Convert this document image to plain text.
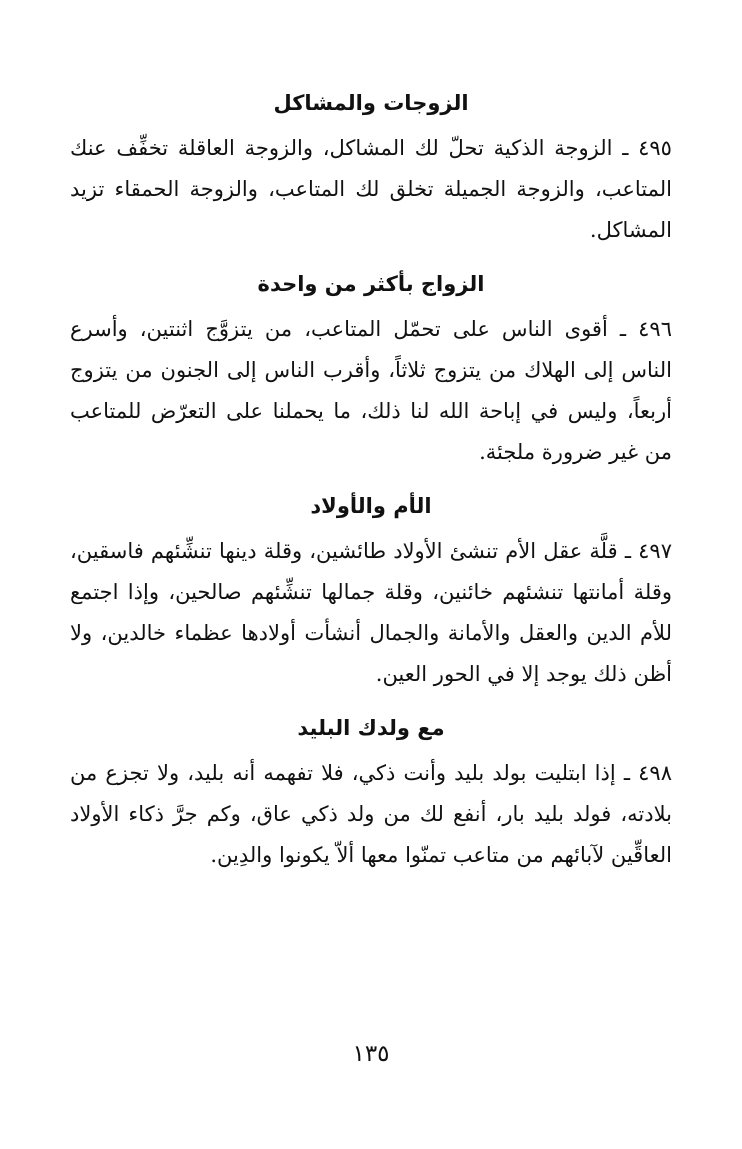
الزوجات والمشاكل

٤٩٥ ـ الزوجة الذكية تحلّ لك المشاكل، والزوجة العاقلة تخفِّف عنك المتاعب، والزوجة الجميلة تخلق لك المتاعب، والزوجة الحمقاء تزيد المشاكل.

الزواج بأكثر من واحدة

٤٩٦ ـ أقوى الناس على تحمّل المتاعب، من يتزوَّج اثنتين، وأسرع الناس إلى الهلاك من يتزوج ثلاثاً، وأقرب الناس إلى الجنون من يتزوج أربعاً، وليس في إباحة الله لنا ذلك، ما يحملنا على التعرّض للمتاعب من غير ضرورة ملجئة.

الأم والأولاد

٤٩٧ ـ قلَّة عقل الأم تنشئ الأولاد طائشين، وقلة دينها تنشِّئهم فاسقين، وقلة أمانتها تنشئهم خائنين، وقلة جمالها تنشِّئهم صالحين، وإذا اجتمع للأم الدين والعقل والأمانة والجمال أنشأت أولادها عظماء خالدين، ولا أظن ذلك يوجد إلا في الحور العين.

مع ولدك البليد

٤٩٨ ـ إذا ابتليت بولد بليد وأنت ذكي، فلا تفهمه أنه بليد، ولا تجزع من بلادته، فولد بليد بار، أنفع لك من ولد ذكي عاق، وكم جرَّ ذكاء الأولاد العاقِّين لآبائهم من متاعب تمنّوا معها ألاّ يكونوا والدِين.

١٣٥
